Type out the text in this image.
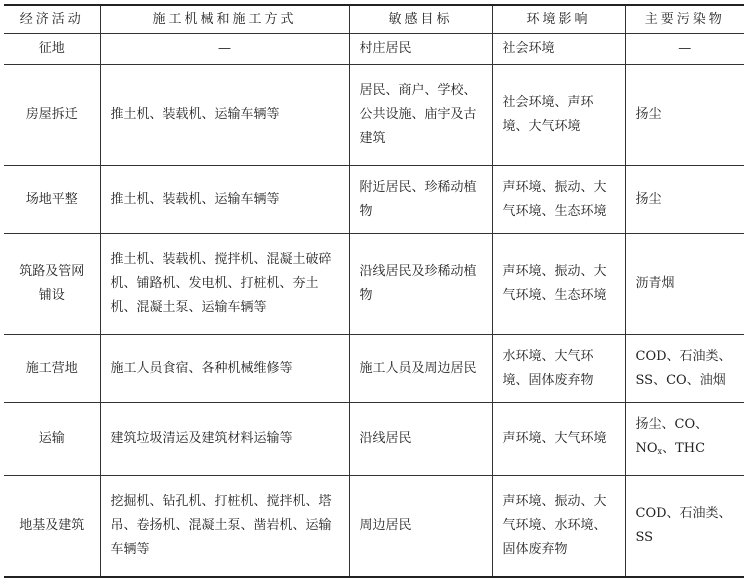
经济活动	施工机械和施工方式	敏感目标	环境影响	主要污染物
征地	—	村庄居民	社会环境	—
房屋拆迁	推土机、装载机、运输车辆等	居民、商户、学校、公共设施、庙宇及古建筑	社会环境、声环境、大气环境	扬尘
场地平整	推土机、装载机、运输车辆等	附近居民、珍稀动植物	声环境、振动、大气环境、生态环境	扬尘
筑路及管网铺设	推土机、装载机、搅拌机、混凝土破碎机、铺路机、发电机、打桩机、夯土机、混凝土泵、运输车辆等	沿线居民及珍稀动植物	声环境、振动、大气环境、生态环境	沥青烟
施工营地	施工人员食宿、各种机械维修等	施工人员及周边居民	水环境、大气环境、固体废弃物	COD、石油类、SS、CO、油烟
运输	建筑垃圾清运及建筑材料运输等	沿线居民	声环境、大气环境	扬尘、CO、$NO_x$、THC
地基及建筑	挖掘机、钻孔机、打桩机、搅拌机、塔吊、卷扬机、混凝土泵、凿岩机、运输车辆等	周边居民	声环境、振动、大气环境、水环境、固体废弃物	COD、石油类、SS
